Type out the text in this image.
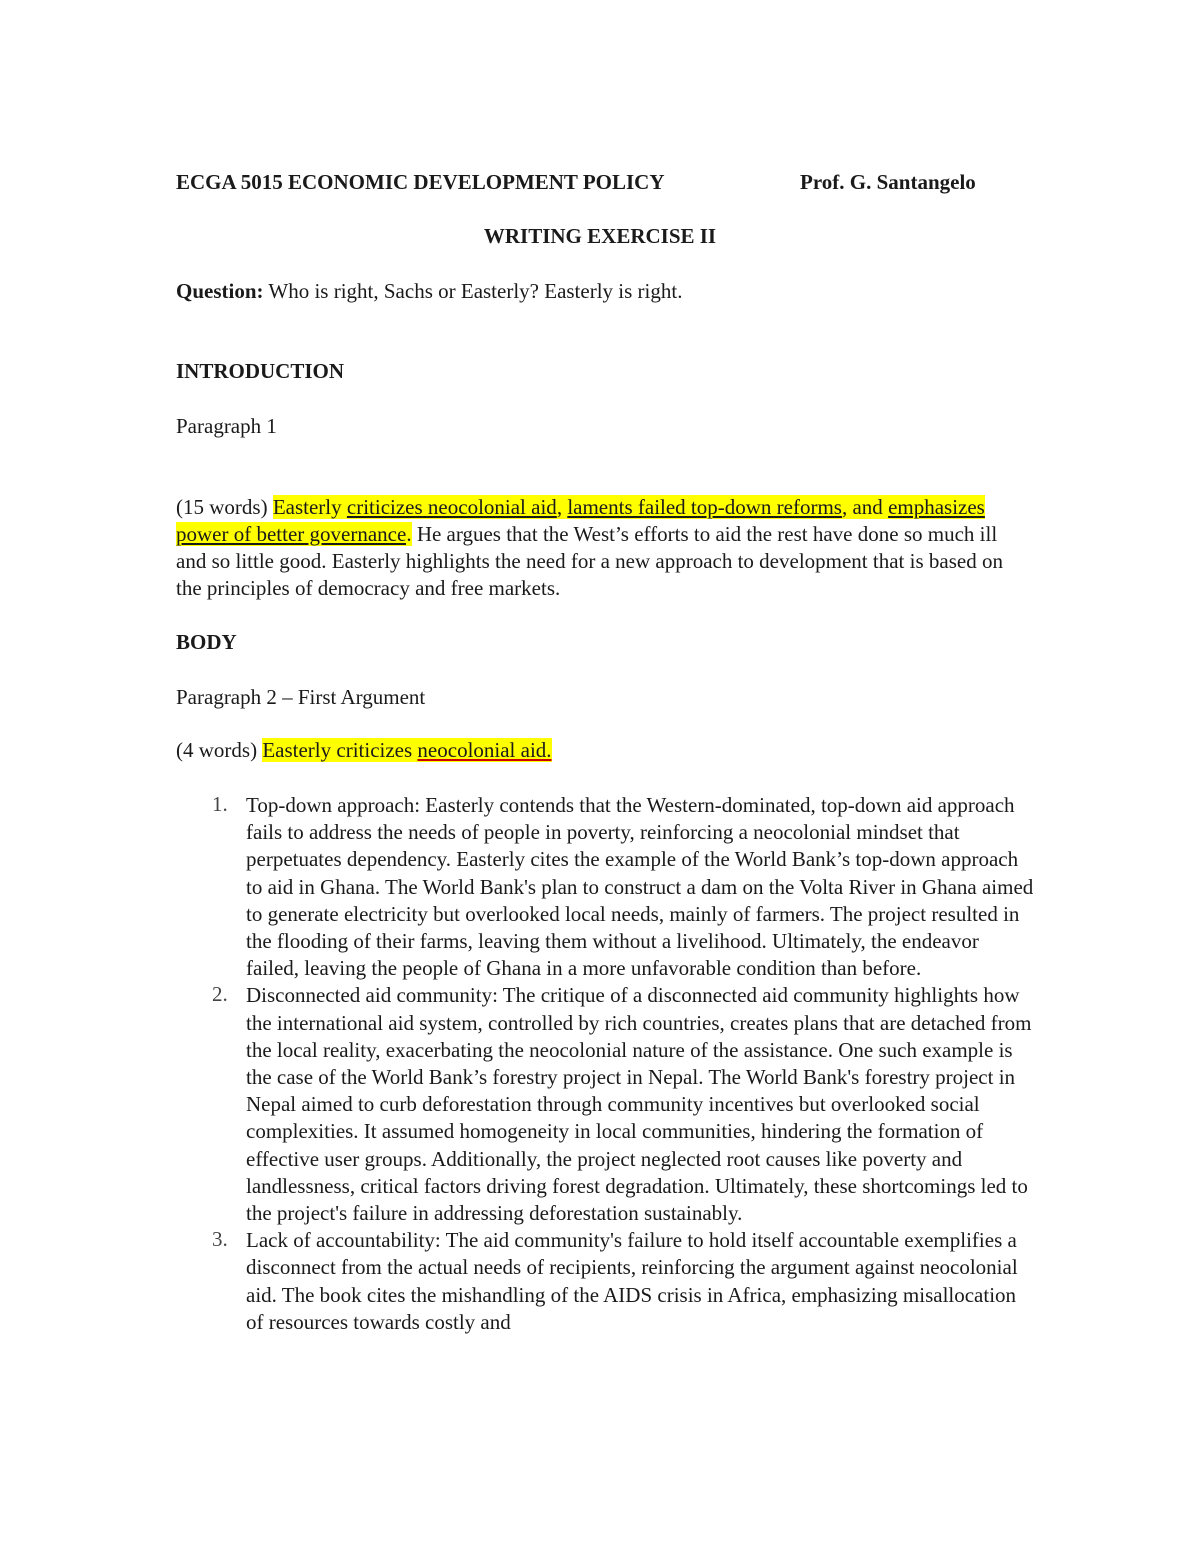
ECGA 5015 ECONOMIC DEVELOPMENT POLICY	Prof. G. Santangelo
WRITING EXERCISE II
Question: Who is right, Sachs or Easterly? Easterly is right.
INTRODUCTION
Paragraph 1
(15 words) Easterly criticizes neocolonial aid, laments failed top-down reforms, and emphasizes power of better governance. He argues that the West’s efforts to aid the rest have done so much ill and so little good. Easterly highlights the need for a new approach to development that is based on the principles of democracy and free markets.
BODY
Paragraph 2 – First Argument
(4 words) Easterly criticizes neocolonial aid.
1. Top-down approach: Easterly contends that the Western-dominated, top-down aid approach fails to address the needs of people in poverty, reinforcing a neocolonial mindset that perpetuates dependency. Easterly cites the example of the World Bank’s top-down approach to aid in Ghana. The World Bank's plan to construct a dam on the Volta River in Ghana aimed to generate electricity but overlooked local needs, mainly of farmers. The project resulted in the flooding of their farms, leaving them without a livelihood. Ultimately, the endeavor failed, leaving the people of Ghana in a more unfavorable condition than before.
2. Disconnected aid community: The critique of a disconnected aid community highlights how the international aid system, controlled by rich countries, creates plans that are detached from the local reality, exacerbating the neocolonial nature of the assistance. One such example is the case of the World Bank’s forestry project in Nepal. The World Bank's forestry project in Nepal aimed to curb deforestation through community incentives but overlooked social complexities. It assumed homogeneity in local communities, hindering the formation of effective user groups. Additionally, the project neglected root causes like poverty and landlessness, critical factors driving forest degradation. Ultimately, these shortcomings led to the project's failure in addressing deforestation sustainably.
3. Lack of accountability: The aid community's failure to hold itself accountable exemplifies a disconnect from the actual needs of recipients, reinforcing the argument against neocolonial aid. The book cites the mishandling of the AIDS crisis in Africa, emphasizing misallocation of resources towards costly and
